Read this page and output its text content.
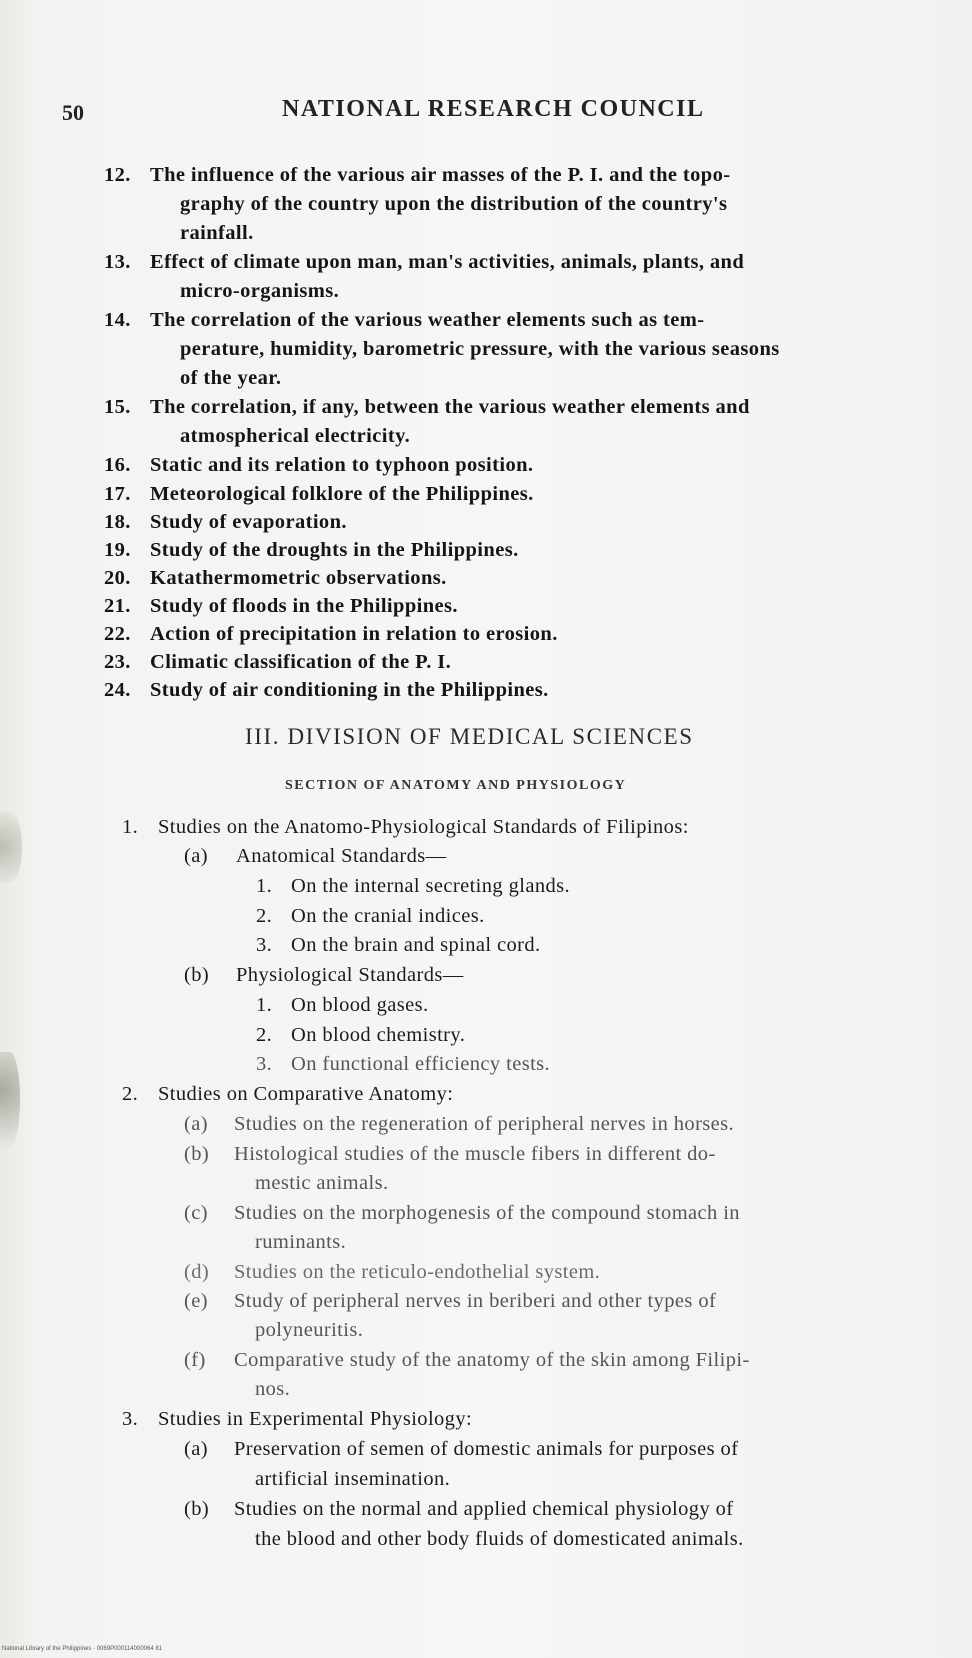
50	NATIONAL RESEARCH COUNCIL
12. The influence of the various air masses of the P. I. and the topo-
graphy of the country upon the distribution of the country's
rainfall.
13. Effect of climate upon man, man's activities, animals, plants, and
micro-organisms.
14. The correlation of the various weather elements such as tem-
perature, humidity, barometric pressure, with the various seasons
of the year.
15. The correlation, if any, between the various weather elements and
atmospherical electricity.
16. Static and its relation to typhoon position.
17. Meteorological folklore of the Philippines.
18. Study of evaporation.
19. Study of the droughts in the Philippines.
20. Katathermometric observations.
21. Study of floods in the Philippines.
22. Action of precipitation in relation to erosion.
23. Climatic classification of the P. I.
24. Study of air conditioning in the Philippines.
III. DIVISION OF MEDICAL SCIENCES
SECTION OF ANATOMY AND PHYSIOLOGY
1. Studies on the Anatomo-Physiological Standards of Filipinos:
(a) Anatomical Standards—
1. On the internal secreting glands.
2. On the cranial indices.
3. On the brain and spinal cord.
(b) Physiological Standards—
1. On blood gases.
2. On blood chemistry.
3. On functional efficiency tests.
2. Studies on Comparative Anatomy:
(a) Studies on the regeneration of peripheral nerves in horses.
(b) Histological studies of the muscle fibers in different do-
mestic animals.
(c) Studies on the morphogenesis of the compound stomach in
ruminants.
(d) Studies on the reticulo-endothelial system.
(e) Study of peripheral nerves in beriberi and other types of
polyneuritis.
(f) Comparative study of the anatomy of the skin among Filipi-
nos.
3. Studies in Experimental Physiology:
(a) Preservation of semen of domestic animals for purposes of
artificial insemination.
(b) Studies on the normal and applied chemical physiology of
the blood and other body fluids of domesticated animals.
National Library of the Philippines · 0069P000114000064 81
